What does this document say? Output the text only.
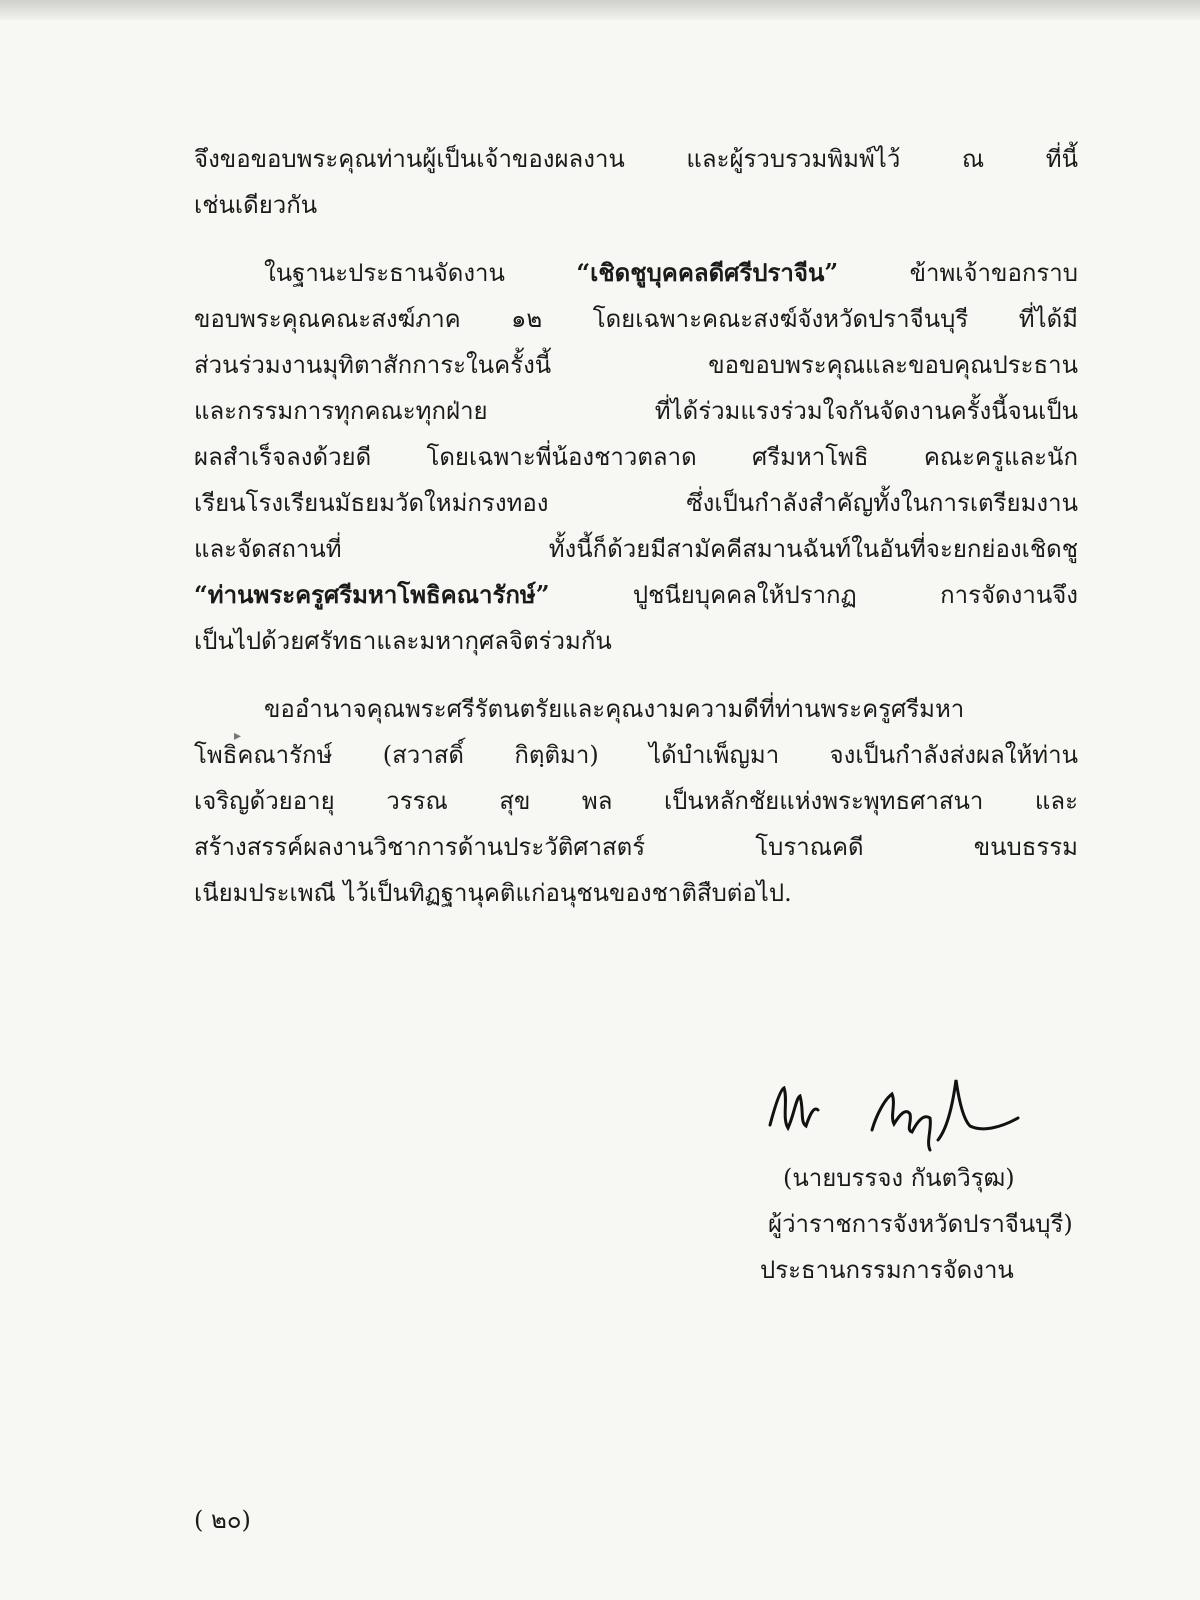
จึงขอขอบพระคุณท่านผู้เป็นเจ้าของผลงาน และผู้รวบรวมพิมพ์ไว้ ณ ที่นี้
เช่นเดียวกัน
ในฐานะประธานจัดงาน “เชิดชูบุคคลดีศรีปราจีน” ข้าพเจ้าขอกราบ
ขอบพระคุณคณะสงฆ์ภาค ๑๒ โดยเฉพาะคณะสงฆ์จังหวัดปราจีนบุรี ที่ได้มี
ส่วนร่วมงานมุทิตาสักการะในครั้งนี้ ขอขอบพระคุณและขอบคุณประธาน
และกรรมการทุกคณะทุกฝ่าย ที่ได้ร่วมแรงร่วมใจกันจัดงานครั้งนี้จนเป็น
ผลสำเร็จลงด้วยดี โดยเฉพาะพี่น้องชาวตลาด ศรีมหาโพธิ คณะครูและนัก
เรียนโรงเรียนมัธยมวัดใหม่กรงทอง ซึ่งเป็นกำลังสำคัญทั้งในการเตรียมงาน
และจัดสถานที่ ทั้งนี้ก็ด้วยมีสามัคคีสมานฉันท์ในอันที่จะยกย่องเชิดชู
“ท่านพระครูศรีมหาโพธิคณารักษ์” ปูชนียบุคคลให้ปรากฏ การจัดงานจึง
เป็นไปด้วยศรัทธาและมหากุศลจิตร่วมกัน
ขออำนาจคุณพระศรีรัตนตรัยและคุณงามความดีที่ท่านพระครูศรีมหา
โพธิคณารักษ์ (สวาสดิ์ กิตฺติมา) ได้บำเพ็ญมา จงเป็นกำลังส่งผลให้ท่าน
เจริญด้วยอายุ วรรณ สุข พล เป็นหลักชัยแห่งพระพุทธศาสนา และ
สร้างสรรค์ผลงานวิชาการด้านประวัติศาสตร์ โบราณคดี ขนบธรรม
เนียมประเพณี ไว้เป็นทิฏฐานุคติแก่อนุชนของชาติสืบต่อไป.
▸
(นายบรรจง กันตวิรุฒ)
ผู้ว่าราชการจังหวัดปราจีนบุรี)
ประธานกรรมการจัดงาน
( ๒๐)
